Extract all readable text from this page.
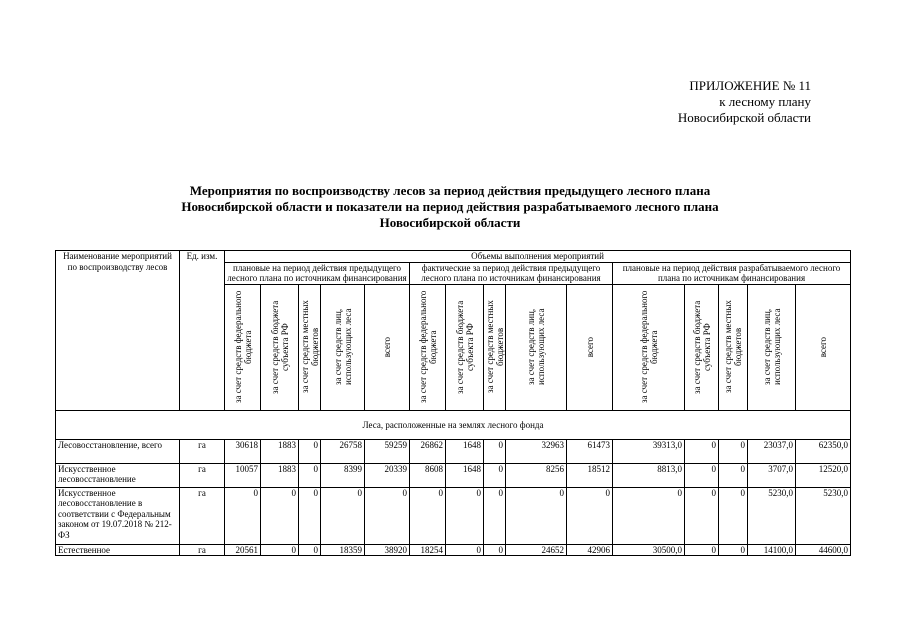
ПРИЛОЖЕНИЕ № 11
к лесному плану
Новосибирской области
Мероприятия по воспроизводству лесов за период действия предыдущего лесного плана
Новосибирской области и показатели на период действия разрабатываемого лесного плана
Новосибирской области
Наименование мероприятий по воспроизводству лесов	Ед. изм.	Объемы выполнения мероприятий														
		плановые на период действия предыдущего лесного плана по источникам финансирования					фактические за период действия предыдущего лесного плана по источникам финансирования					плановые на период действия разрабатываемого лесного плана по источникам финансирования				

		за счет средств федерального бюджета	за счет средств бюджета субъекта РФ	за счет средств местных бюджетов	за счет средств лиц, использующих леса	всего	за счет средств федерального бюджета	за счет средств бюджета субъекта РФ	за счет средств местных бюджетов	за счет средств лиц, использующих леса	всего	за счет средств федерального бюджета	за счет средств бюджета субъекта РФ	за счет средств местных бюджетов	за счет средств лиц, использующих леса	всего

Леса, расположенные на землях лесного фонда																
Лесовосстановление, всего	га	30618	1883	0	26758	59259	26862	1648	0	32963	61473	39313,0	0	0	23037,0	62350,0
Искусственное лесовосстановление	га	10057	1883	0	8399	20339	8608	1648	0	8256	18512	8813,0	0	0	3707,0	12520,0
Искусственное лесовосстановление в соответствии с Федеральным законом от 19.07.2018 № 212-ФЗ	га	0	0	0	0	0	0	0	0	0	0	0	0	0	5230,0	5230,0
Естественное	га	20561	0	0	18359	38920	18254	0	0	24652	42906	30500,0	0	0	14100,0	44600,0
